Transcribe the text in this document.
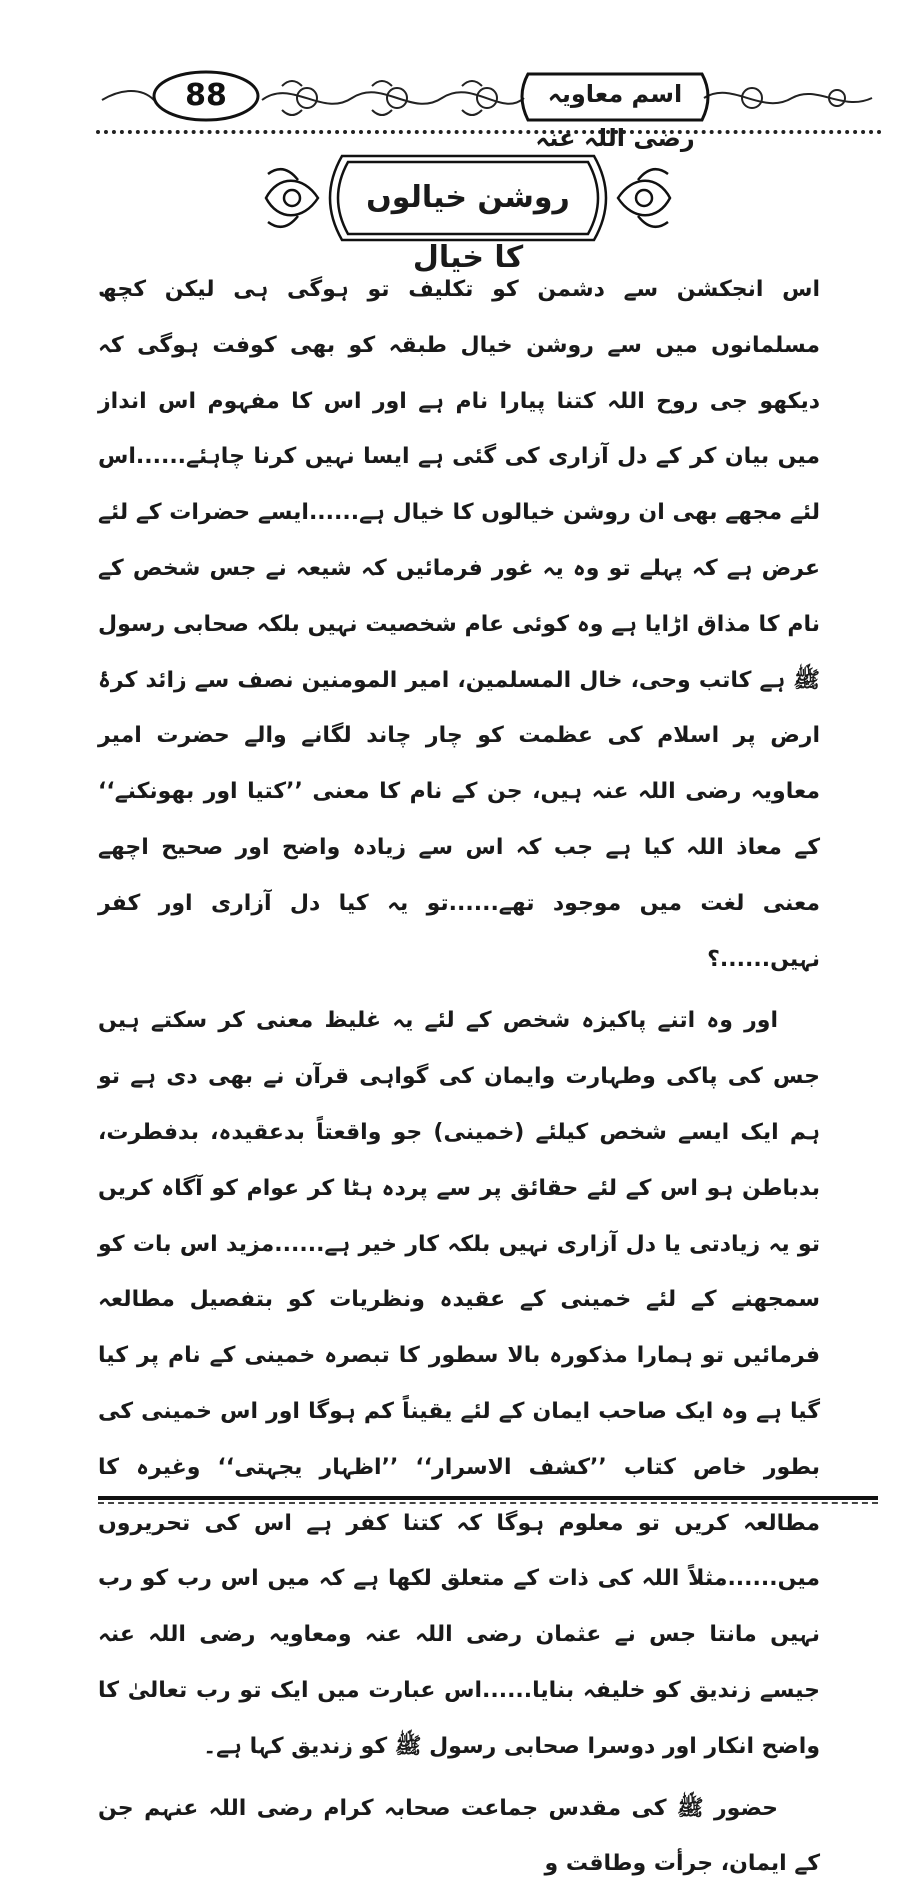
88	اسم معاویہ رضی اللہ عنہ
روشن خیالوں کا خیال

اس انجکشن سے دشمن کو تکلیف تو ہوگی ہی لیکن کچھ مسلمانوں میں سے روشن خیال طبقہ کو بھی کوفت ہوگی کہ دیکھو جی روح اللہ کتنا پیارا نام ہے اور اس کا مفہوم اس انداز میں بیان کر کے دل آزاری کی گئی ہے ایسا نہیں کرنا چاہئے......اس لئے مجھے بھی ان روشن خیالوں کا خیال ہے......ایسے حضرات کے لئے عرض ہے کہ پہلے تو وہ یہ غور فرمائیں کہ شیعہ نے جس شخص کے نام کا مذاق اڑایا ہے وہ کوئی عام شخصیت نہیں بلکہ صحابی رسول ﷺ ہے کاتب وحی، خال المسلمین، امیر المومنین نصف سے زائد کرۂ ارض پر اسلام کی عظمت کو چار چاند لگانے والے حضرت امیر معاویہ رضی اللہ عنہ ہیں، جن کے نام کا معنی ’’کتیا اور بھونکنے‘‘ کے معاذ اللہ کیا ہے جب کہ اس سے زیادہ واضح اور صحیح اچھے معنی لغت میں موجود تھے......تو یہ کیا دل آزاری اور کفر نہیں......؟

اور وہ اتنے پاکیزہ شخص کے لئے یہ غلیظ معنی کر سکتے ہیں جس کی پاکی وطہارت وایمان کی گواہی قرآن نے بھی دی ہے تو ہم ایک ایسے شخص کیلئے (خمینی) جو واقعتاً بدعقیدہ، بدفطرت، بدباطن ہو اس کے لئے حقائق پر سے پردہ ہٹا کر عوام کو آگاہ کریں تو یہ زیادتی یا دل آزاری نہیں بلکہ کار خیر ہے......مزید اس بات کو سمجھنے کے لئے خمینی کے عقیدہ ونظریات کو بتفصیل مطالعہ فرمائیں تو ہمارا مذکورہ بالا سطور کا تبصرہ خمینی کے نام پر کیا گیا ہے وہ ایک صاحب ایمان کے لئے یقیناً کم ہوگا اور اس خمینی کی بطور خاص کتاب ’’کشف الاسرار‘‘ ’’اظہار یجہتی‘‘ وغیرہ کا مطالعہ کریں تو معلوم ہوگا کہ کتنا کفر ہے اس کی تحریروں میں......مثلاً اللہ کی ذات کے متعلق لکھا ہے کہ میں اس رب کو رب نہیں مانتا جس نے عثمان رضی اللہ عنہ ومعاویہ رضی اللہ عنہ جیسے زندیق کو خلیفہ بنایا......اس عبارت میں ایک تو رب تعالیٰ کا واضح انکار اور دوسرا صحابی رسول ﷺ کو زندیق کہا ہے۔

حضور ﷺ کی مقدس جماعت صحابہ کرام رضی اللہ عنہم جن کے ایمان، جرأت وطاقت و
